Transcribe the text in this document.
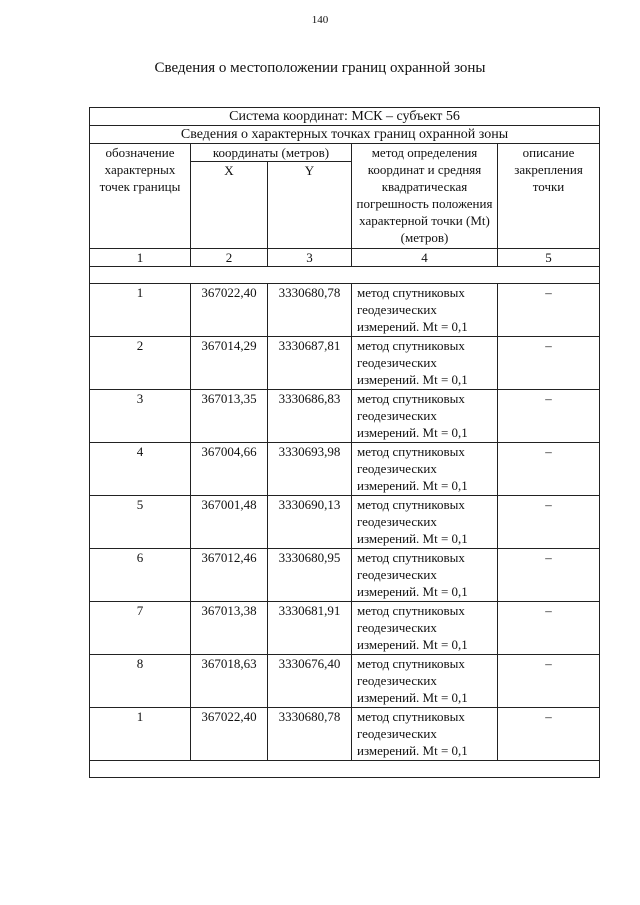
140
Сведения о местоположении границ охранной зоны
Система координат: МСК – субъект 56				
Сведения о характерных точках границ охранной зоны				
обозначение характерных точек границы	координаты (метров)		метод определения координат и средняя квадратическая погрешность положения характерной точки (Mt) (метров)	описание закрепления точки
	X	Y		
1	2	3	4	5

1	367022,40	3330680,78	метод спутниковых геодезических измерений. Mt = 0,1	–
2	367014,29	3330687,81	метод спутниковых геодезических измерений. Mt = 0,1	–
3	367013,35	3330686,83	метод спутниковых геодезических измерений. Mt = 0,1	–
4	367004,66	3330693,98	метод спутниковых геодезических измерений. Mt = 0,1	–
5	367001,48	3330690,13	метод спутниковых геодезических измерений. Mt = 0,1	–
6	367012,46	3330680,95	метод спутниковых геодезических измерений. Mt = 0,1	–
7	367013,38	3330681,91	метод спутниковых геодезических измерений. Mt = 0,1	–
8	367018,63	3330676,40	метод спутниковых геодезических измерений. Mt = 0,1	–
1	367022,40	3330680,78	метод спутниковых геодезических измерений. Mt = 0,1	–
